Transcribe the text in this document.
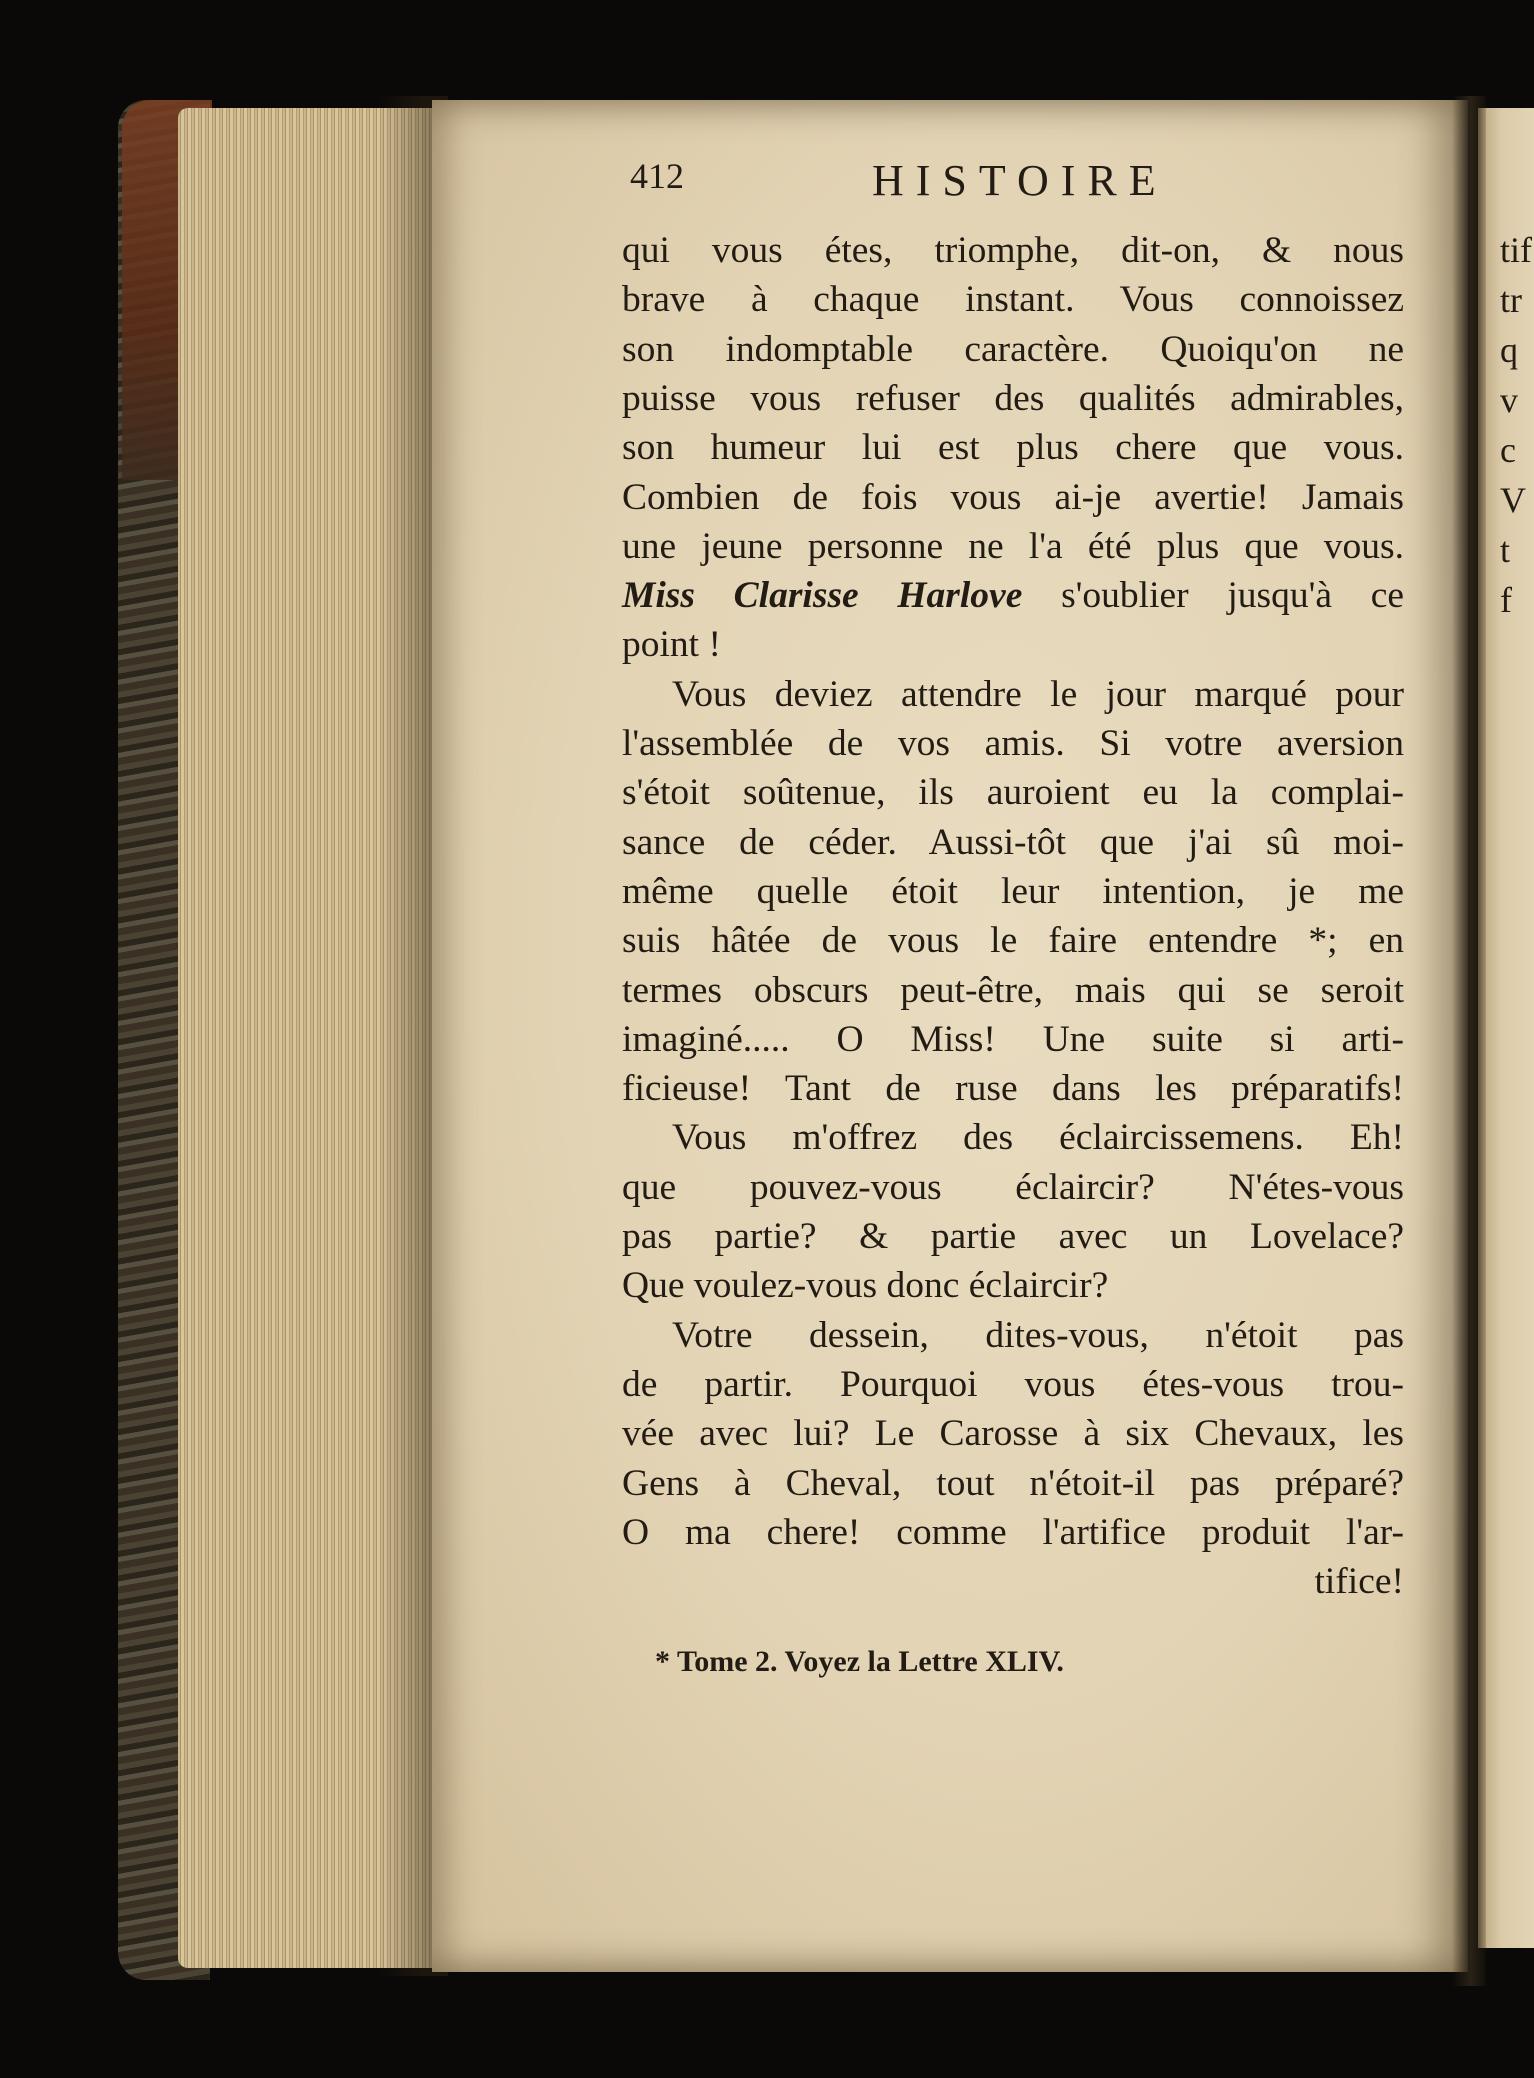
412	HISTOIRE
qui vous étes, triomphe, dit-on, & nous
brave à chaque instant. Vous connoissez
son indomptable caractère. Quoiqu'on ne
puisse vous refuser des qualités admirables,
son humeur lui est plus chere que vous.
Combien de fois vous ai-je avertie! Jamais
une jeune personne ne l'a été plus que vous.
Miss Clarisse Harlove s'oublier jusqu'à ce
point !
Vous deviez attendre le jour marqué pour
l'assemblée de vos amis. Si votre aversion
s'étoit soûtenue, ils auroient eu la complai-
sance de céder. Aussi-tôt que j'ai sû moi-
même quelle étoit leur intention, je me
suis hâtée de vous le faire entendre *; en
termes obscurs peut-être, mais qui se seroit
imaginé..... O Miss! Une suite si arti-
ficieuse! Tant de ruse dans les préparatifs!
Vous m'offrez des éclaircissemens. Eh!
que pouvez-vous éclaircir? N'étes-vous
pas partie? & partie avec un Lovelace?
Que voulez-vous donc éclaircir?
Votre dessein, dites-vous, n'étoit pas
de partir. Pourquoi vous étes-vous trou-
vée avec lui? Le Carosse à six Chevaux, les
Gens à Cheval, tout n'étoit-il pas préparé?
O ma chere! comme l'artifice produit l'ar-
tifice!
* Tome 2. Voyez la Lettre XLIV.
tif
tr
q
v
c
V
t
f
